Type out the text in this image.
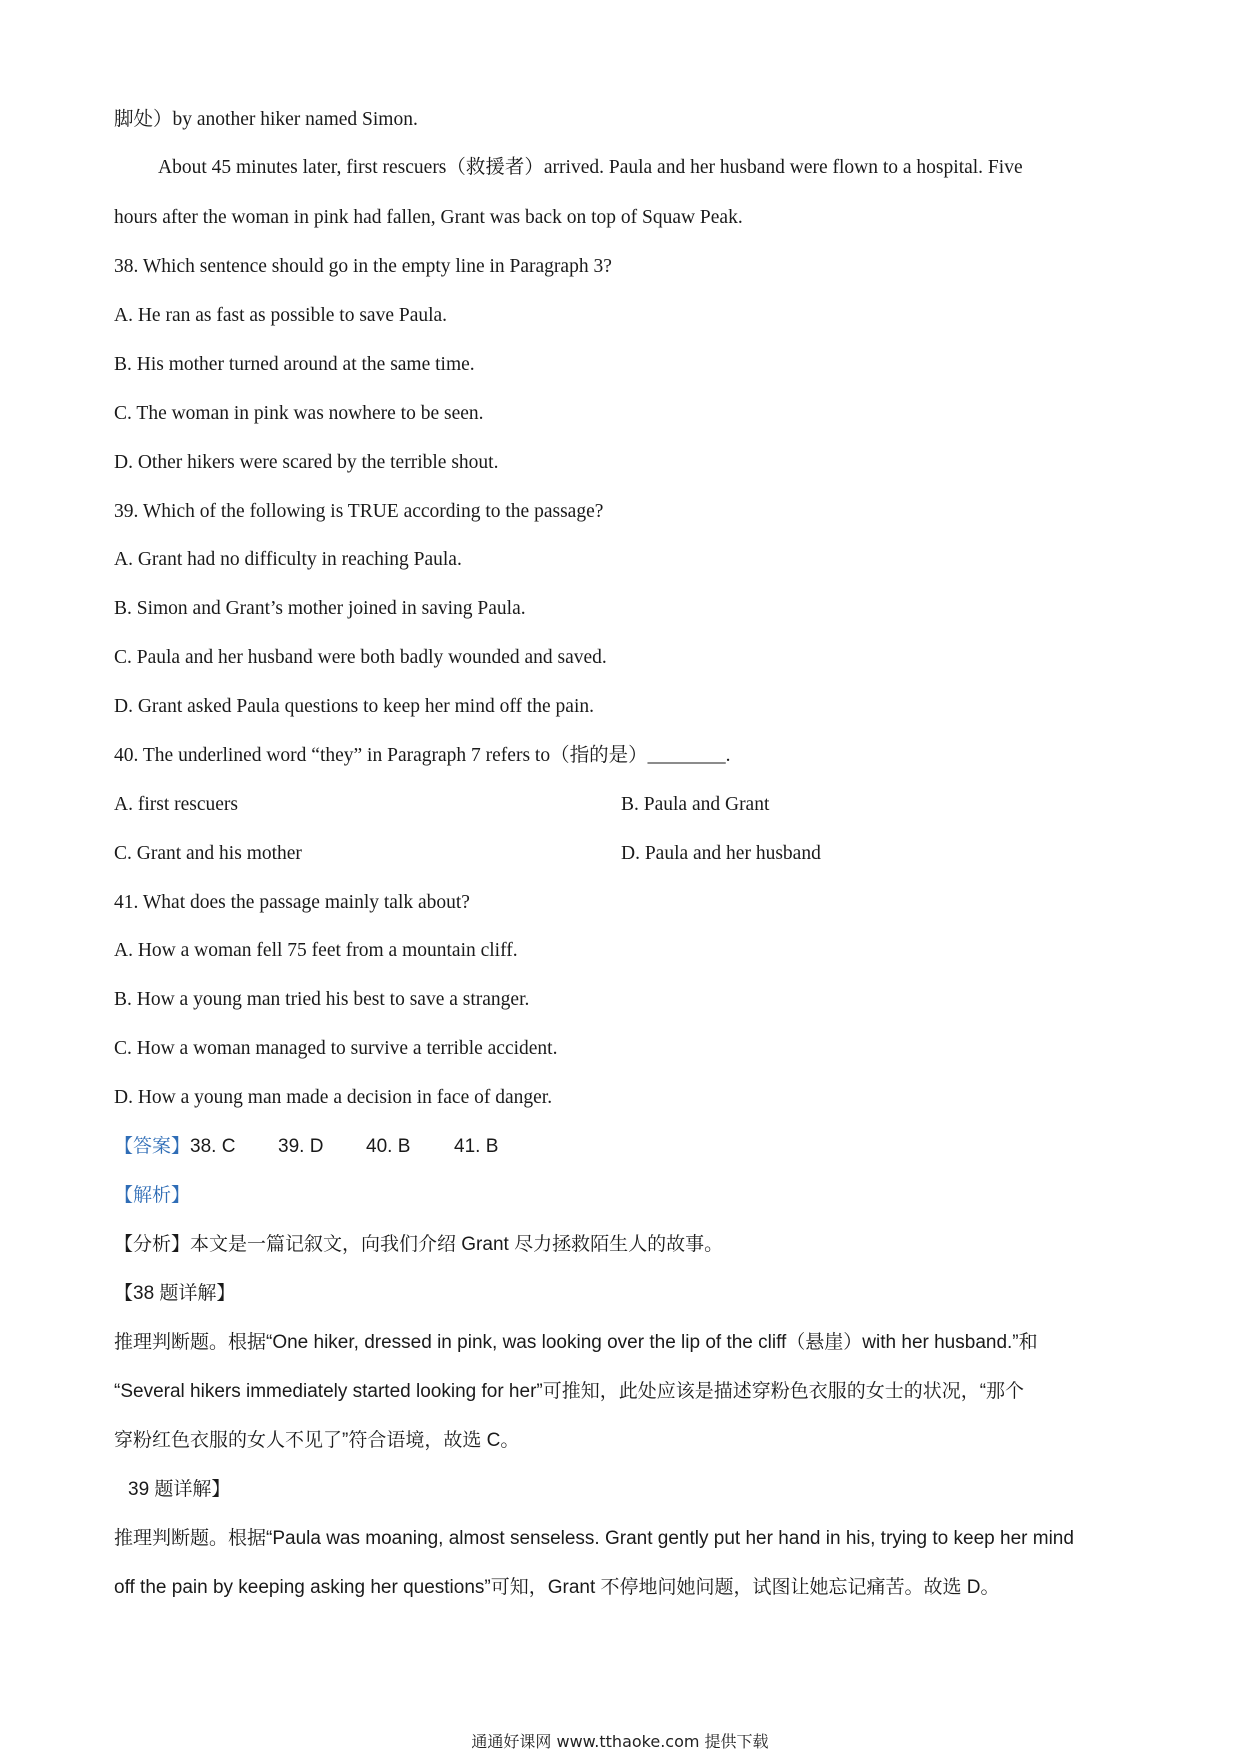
脚处）by another hiker named Simon.
About 45 minutes later, first rescuers（救援者）arrived. Paula and her husband were flown to a hospital. Five
hours after the woman in pink had fallen, Grant was back on top of Squaw Peak.
38. Which sentence should go in the empty line in Paragraph 3?
A. He ran as fast as possible to save Paula.
B. His mother turned around at the same time.
C. The woman in pink was nowhere to be seen.
D. Other hikers were scared by the terrible shout.
39. Which of the following is TRUE according to the passage?
A. Grant had no difficulty in reaching Paula.
B. Simon and Grant’s mother joined in saving Paula.
C. Paula and her husband were both badly wounded and saved.
D. Grant asked Paula questions to keep her mind off the pain.
40. The underlined word “they” in Paragraph 7 refers to（指的是）________.
A. first rescuers	B. Paula and Grant
C. Grant and his mother	D. Paula and her husband
41. What does the passage mainly talk about?
A. How a woman fell 75 feet from a mountain cliff.
B. How a young man tried his best to save a stranger.
C. How a woman managed to survive a terrible accident.
D. How a young man made a decision in face of danger.
【答案】38. C 39. D 40. B 41. B
【解析】
【分析】本文是一篇记叙文，向我们介绍 Grant 尽力拯救陌生人的故事。
【38 题详解】
推理判断题。根据“One hiker, dressed in pink, was looking over the lip of the cliff（悬崖）with her husband.”和
“Several hikers immediately started looking for her”可推知，此处应该是描述穿粉色衣服的女士的状况，“那个
穿粉红色衣服的女人不见了”符合语境，故选 C。
39 题详解】
推理判断题。根据“Paula was moaning, almost senseless. Grant gently put her hand in his, trying to keep her mind
off the pain by keeping asking her questions”可知，Grant 不停地问她问题，试图让她忘记痛苦。故选 D。
通通好课网 www.tthaoke.com 提供下载
